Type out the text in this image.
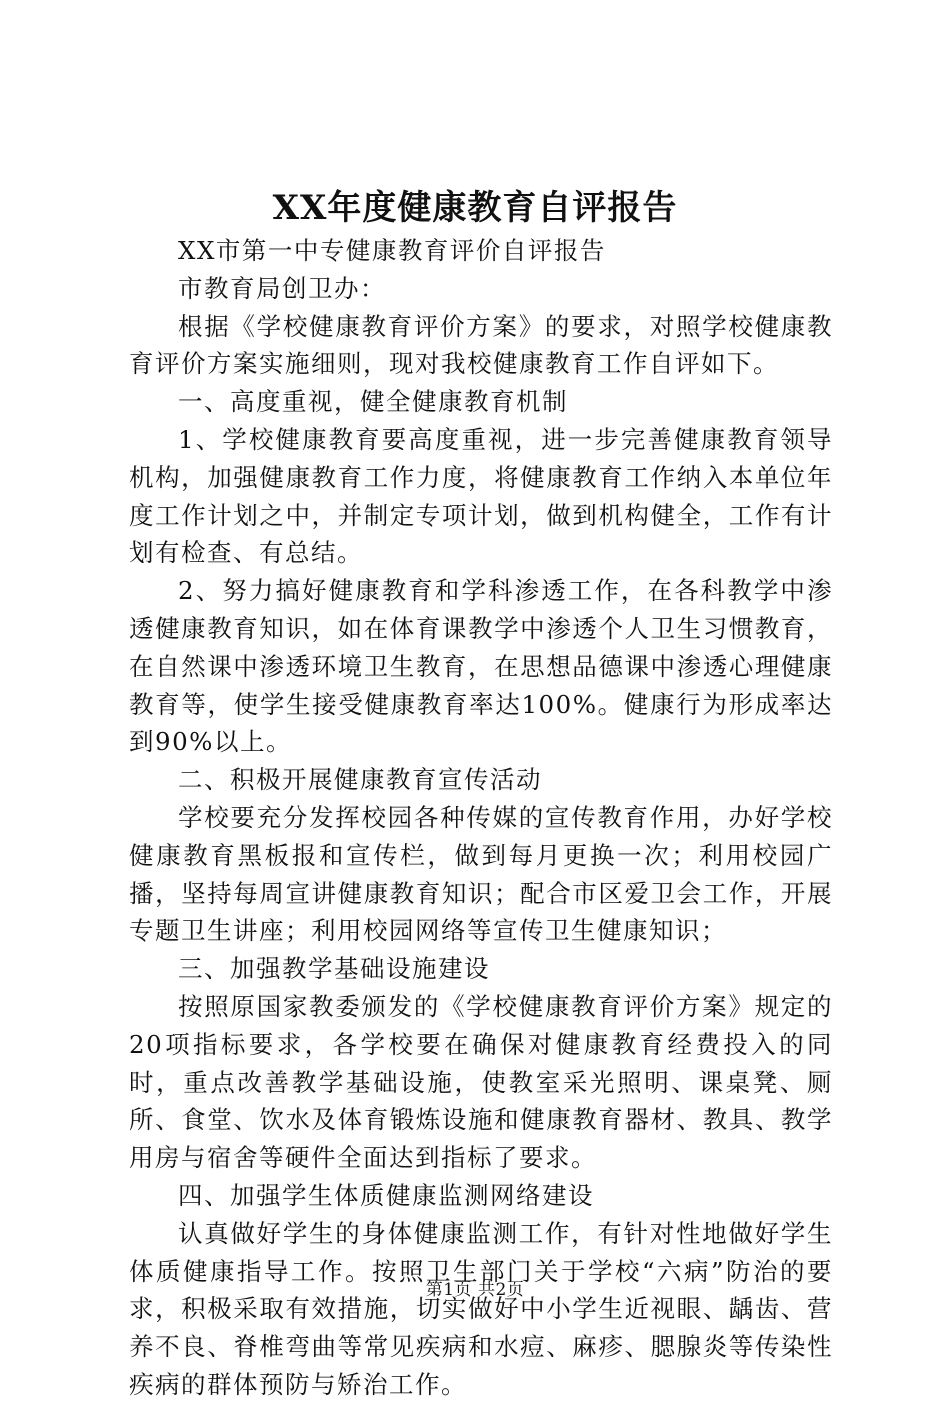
XX年度健康教育自评报告

XX市第一中专健康教育评价自评报告

市教育局创卫办：

根据《学校健康教育评价方案》的要求，对照学校健康教育评价方案实施细则，现对我校健康教育工作自评如下。

一、高度重视，健全健康教育机制

1、学校健康教育要高度重视，进一步完善健康教育领导机构，加强健康教育工作力度，将健康教育工作纳入本单位年度工作计划之中，并制定专项计划，做到机构健全，工作有计划有检查、有总结。

2、努力搞好健康教育和学科渗透工作，在各科教学中渗透健康教育知识，如在体育课教学中渗透个人卫生习惯教育，在自然课中渗透环境卫生教育，在思想品德课中渗透心理健康教育等，使学生接受健康教育率达100%。健康行为形成率达到90%以上。

二、积极开展健康教育宣传活动

学校要充分发挥校园各种传媒的宣传教育作用，办好学校健康教育黑板报和宣传栏，做到每月更换一次；利用校园广播，坚持每周宣讲健康教育知识；配合市区爱卫会工作，开展专题卫生讲座；利用校园网络等宣传卫生健康知识；

三、加强教学基础设施建设

按照原国家教委颁发的《学校健康教育评价方案》规定的20项指标要求，各学校要在确保对健康教育经费投入的同时，重点改善教学基础设施，使教室采光照明、课桌凳、厕所、食堂、饮水及体育锻炼设施和健康教育器材、教具、教学用房与宿舍等硬件全面达到指标了要求。

四、加强学生体质健康监测网络建设

认真做好学生的身体健康监测工作，有针对性地做好学生体质健康指导工作。按照卫生部门关于学校“六病”防治的要求，积极采取有效措施，切实做好中小学生近视眼、龋齿、营养不良、脊椎弯曲等常见疾病和水痘、麻疹、腮腺炎等传染性疾病的群体预防与矫治工作。

第1页 共2页
